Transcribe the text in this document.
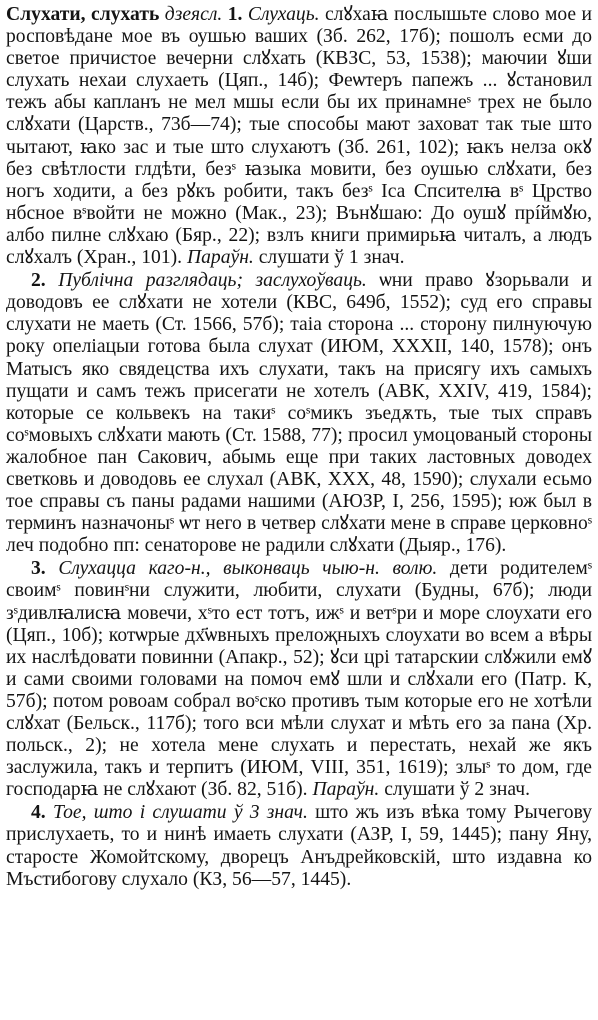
Слухати, слухать дзеясл. 1. Слухаць. слꙋхаꙗ послышьте слово мое и росповѣдане мое въ оушью ваших (Зб. 262, 17б); пошолъ есми до светое причистое вечерни слꙋхать (КВЗС, 53, 1538); маючии ꙋши слухать нехаи слухаеть (Цяп., 14б); Феѡтеръ папежъ ... ꙋстановил тежъ абы капланъ не мел мшы если бы их принамнеˢ трех не было слꙋхати (Царств., 73б—74); тые способы мают заховат так тые што чытают, ꙗко зас и тые што слухаютъ (Зб. 261, 102); ꙗкъ нелза окꙋ без свѣтлости глдѣти, безˢ ꙗзыка мовити, без оушью слꙋхати, без ногъ ходити, а без рꙋкъ робити, такъ безˢ Іса Спсителꙗ вˢ Црство нбсное вˢвойти не можно (Мак., 23); Вънꙋшаю: До оушꙋ прíймꙋю, албо пилне слꙋхаю (Бяр., 22); взлъ книги примирьꙗ читалъ, а людъ слꙋхалъ (Хран., 101). Параўн. слушати ў 1 знач.

2. Публічна разглядаць; заслухоўваць. ѡни право ꙋзорьвали и доводовъ ее слꙋхати не хотели (КВС, 649б, 1552); суд его справы слухати не маеть (Ст. 1566, 57б); таіа сторона ... сторону пилнуючую року опеліацыи готова была слухат (ИЮМ, XXXII, 140, 1578); онъ Матысъ яко свядецства ихъ слухати, такъ на присягу ихъ самыхъ пущати и самъ тежъ присегати не хотелъ (АВК, XXIV, 419, 1584); которые се кольвекъ на такиˢ соˢмикъ зъедѫть, тые тых справъ соˢмовыхъ слꙋхати мають (Ст. 1588, 77); просил умоцованый стороны жалобное пан Сакович, абымь еще при таких ластовных доводех светковь и доводовь ее слухал (АВК, XXX, 48, 1590); слухали есьмо тое справы съ паны радами нашими (АЮЗР, I, 256, 1595); юж был в терминъ назначоныˢ ѡт него в четвер слꙋхати мене в справе церковноˢ леч подобно пп: сенаторове не радили слꙋхати (Дыяр., 176).

3. Слухацца каго-н., выконваць чыю-н. волю. дети родителемˢ своимˢ повинˢни служити, любити, слухати (Будны, 67б); люди зˢдивлꙗлисꙗ мовечи, хˢто ест тотъ, ижˢ и ветˢри и море слоухати его (Цяп., 10б); котѡрые дх҃ѡвныхъ прелоҗныхъ слоухати во всем а вѣры их наслѣдовати повинни (Апакр., 52); ꙋси црі татарскии слꙋжили емꙋ и сами своими головами на помоч емꙋ шли и слꙋхали его (Патр. К, 57б); потом ровоам собрал воˢско противъ тым которые его не хотѣли слꙋхат (Бельск., 117б); того вси мѣли слухат и мѣть его за пана (Хр. польск., 2); не хотела мене слухать и перестать, нехай же якъ заслужила, такъ и терпитъ (ИЮМ, VIII, 351, 1619); злыˢ то дом, где господарꙗ не слꙋхают (Зб. 82, 51б). Параўн. слушати ў 2 знач.

4. Тое, што і слушати ў 3 знач. што жъ изъ вѣка тому Рычегову прислухаеть, то и нинѣ имаеть слухати (АЗР, I, 59, 1445); пану Яну, старосте Жомойтскому, дворецъ Анъдрейковскій, што издавна ко Мъстибогову слухало (КЗ, 56—57, 1445).
